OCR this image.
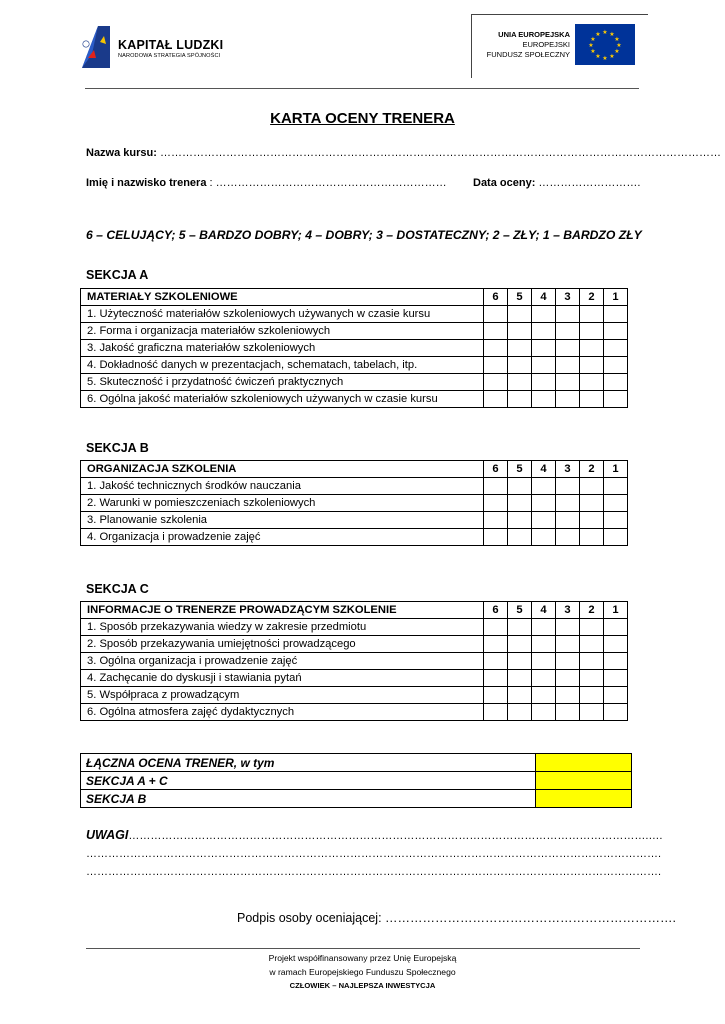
KAPITAŁ LUDZKI
NARODOWA STRATEGIA SPÓJNOŚCI
UNIA EUROPEJSKA
EUROPEJSKI
FUNDUSZ SPOŁECZNY
★ ★
★
★
★
★
★
★
★
★
★
★
KARTA OCENY TRENERA
Nazwa kursu: ………………………………………………………………………………………………………………………………………
Imię i nazwisko trenera : ……………………………………………………… Data oceny: ……………………….
6 – CELUJĄCY; 5 – BARDZO DOBRY; 4 – DOBRY; 3 – DOSTATECZNY; 2 – ZŁY; 1 – BARDZO ZŁY
SEKCJA A
MATERIAŁY SZKOLENIOWE	6	5	4	3	2	1
1. Użyteczność materiałów szkoleniowych używanych w czasie kursu						
2. Forma i organizacja materiałów szkoleniowych						
3. Jakość graficzna materiałów szkoleniowych						
4. Dokładność danych w prezentacjach, schematach, tabelach, itp.						
5. Skuteczność i przydatność ćwiczeń praktycznych						
6. Ogólna jakość materiałów szkoleniowych używanych w czasie kursu						
SEKCJA B
ORGANIZACJA SZKOLENIA	6	5	4	3	2	1
1. Jakość technicznych środków nauczania						
2. Warunki w pomieszczeniach szkoleniowych						
3. Planowanie szkolenia						
4. Organizacja i prowadzenie zajęć						
SEKCJA C
INFORMACJE O TRENERZE PROWADZĄCYM SZKOLENIE	6	5	4	3	2	1
1. Sposób przekazywania wiedzy w zakresie przedmiotu						
2. Sposób przekazywania umiejętności prowadzącego						
3. Ogólna organizacja i prowadzenie zajęć						
4. Zachęcanie do dyskusji i stawiania pytań						
5. Współpraca z prowadzącym						
6. Ogólna atmosfera zajęć dydaktycznych						
ŁĄCZNA OCENA TRENER, w tym	
SEKCJA A + C	
SEKCJA B	
UWAGI…………………………………………………………………………………………………………………………….….
………………………………………………………………………………………………………………………………………….
………………………………………………………………………………………………………………………………………….
Podpis osoby oceniającej: …………………………………………………………….
Projekt współfinansowany przez Unię Europejską
w ramach Europejskiego Funduszu Społecznego
CZŁOWIEK – NAJLEPSZA INWESTYCJA
